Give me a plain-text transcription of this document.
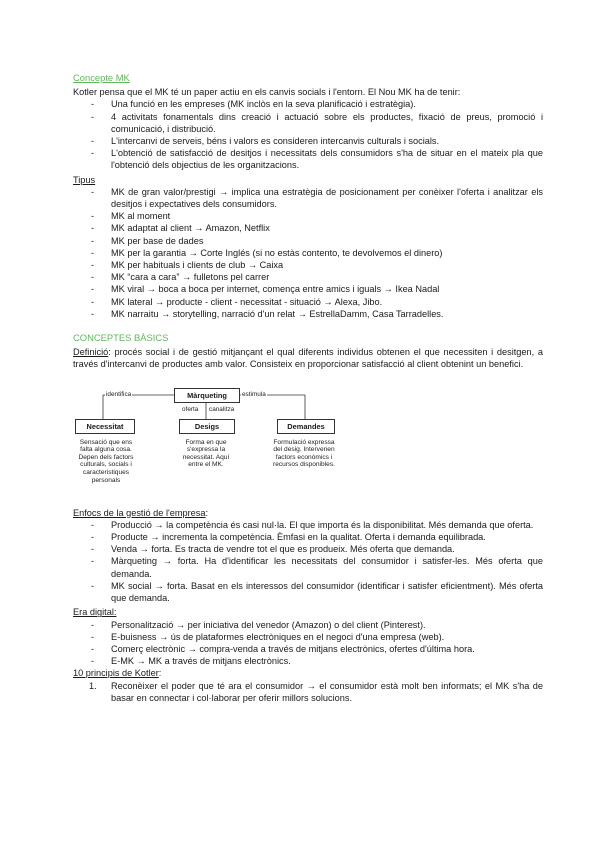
Concepte MK

Kotler pensa que el MK té un paper actiu en els canvis socials i l'entorn. El Nou MK ha de tenir:

- Una funció en les empreses (MK inclòs en la seva planificació i estratègia).
- 4 activitats fonamentals dins creació i actuació sobre els productes, fixació de preus, promoció i comunicació, i distribució.
- L'intercanvi de serveis, béns i valors es consideren intercanvis culturals i socials.
- L'obtenció de satisfacció de desitjos i necessitats dels consumidors s'ha de situar en el mateix pla que l'obtenció dels objectius de les organitzacions.
Tipus
- MK de gran valor/prestigi → implica una estratègia de posicionament per conèixer l'oferta i analitzar els desitjos i expectatives dels consumidors.
- MK al moment
- MK adaptat al client → Amazon, Netflix
- MK per base de dades
- MK per la garantia → Corte Inglés (si no estàs contento, te devolvemos el dinero)
- MK per habituals i clients de club → Caixa
- MK “cara a cara” → fulletons pel carrer
- MK viral → boca a boca per internet, comença entre amics i iguals → Ikea Nadal
- MK lateral → producte - client - necessitat - situació → Alexa, Jibo.
- MK narraitu → storytelling, narració d'un relat → EstrellaDamm, Casa Tarradelles.
CONCEPTES BÀSICS

Definició: procés social i de gestió mitjançant el qual diferents individus obtenen el que necessiten i desitgen, a través d'intercanvi de productes amb valor. Consisteix en proporcionar satisfacció al client obtenint un benefici.

Màrqueting
identifica	estimula
oferta canalitza
Necessitat	Desigs	Demandes
Sensació que ens falta alguna cosa. Depen dels factors culturals, socials i caracteristiques personals
Forma en que s'expressa la necessitat. Aquí entre el MK.
Formulació expressa del desig. Intervenen factors econòmics i recursos disponibles.
Enfocs de la gestió de l'empresa:
- Producció → la competència és casi nul·la. El que importa és la disponibilitat. Més demanda que oferta.
- Producte → incrementa la competència. Èmfasi en la qualitat. Oferta i demanda equilibrada.
- Venda → forta. Es tracta de vendre tot el que es produeix. Més oferta que demanda.
- Màrqueting → forta. Ha d'identificar les necessitats del consumidor i satisfer-les. Més oferta que demanda.
- MK social → forta. Basat en els interessos del consumidor (identificar i satisfer eficientment). Més oferta que demanda.
Era digital:
- Personalització → per iniciativa del venedor (Amazon) o del client (Pinterest).
- E-buisness → ús de plataformes electròniques en el negoci d'una empresa (web).
- Comerç electrònic → compra-venda a través de mitjans electrònics, ofertes d'última hora.
- E-MK → MK a través de mitjans electrònics.
10 principis de Kotler:
1. Reconèixer el poder que té ara el consumidor → el consumidor està molt ben informats; el MK s'ha de basar en connectar i col·laborar per oferir millors solucions.
